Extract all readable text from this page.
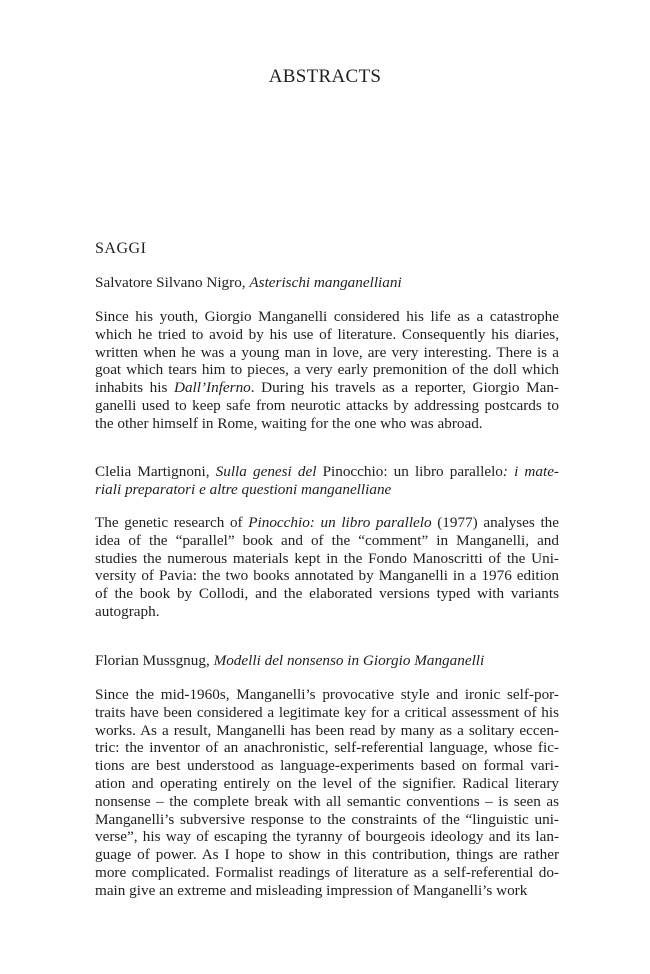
ABSTRACTS
SAGGI
Salvatore Silvano Nigro, Asterischi manganelliani
Since his youth, Giorgio Manganelli considered his life as a catastrophe
which he tried to avoid by his use of literature. Consequently his diaries,
written when he was a young man in love, are very interesting. There is a
goat which tears him to pieces, a very early premonition of the doll which
inhabits his Dall’Inferno. During his travels as a reporter, Giorgio Man-
ganelli used to keep safe from neurotic attacks by addressing postcards to
the other himself in Rome, waiting for the one who was abroad.
Clelia Martignoni, Sulla genesi del Pinocchio: un libro parallelo: i mate-
riali preparatori e altre questioni manganelliane
The genetic research of Pinocchio: un libro parallelo (1977) analyses the
idea of the “parallel” book and of the “comment” in Manganelli, and
studies the numerous materials kept in the Fondo Manoscritti of the Uni-
versity of Pavia: the two books annotated by Manganelli in a 1976 edition
of the book by Collodi, and the elaborated versions typed with variants
autograph.
Florian Mussgnug, Modelli del nonsenso in Giorgio Manganelli
Since the mid-1960s, Manganelli’s provocative style and ironic self-por-
traits have been considered a legitimate key for a critical assessment of his
works. As a result, Manganelli has been read by many as a solitary eccen-
tric: the inventor of an anachronistic, self-referential language, whose fic-
tions are best understood as language-experiments based on formal vari-
ation and operating entirely on the level of the signifier. Radical literary
nonsense – the complete break with all semantic conventions – is seen as
Manganelli’s subversive response to the constraints of the “linguistic uni-
verse”, his way of escaping the tyranny of bourgeois ideology and its lan-
guage of power. As I hope to show in this contribution, things are rather
more complicated. Formalist readings of literature as a self-referential do-
main give an extreme and misleading impression of Manganelli’s work
